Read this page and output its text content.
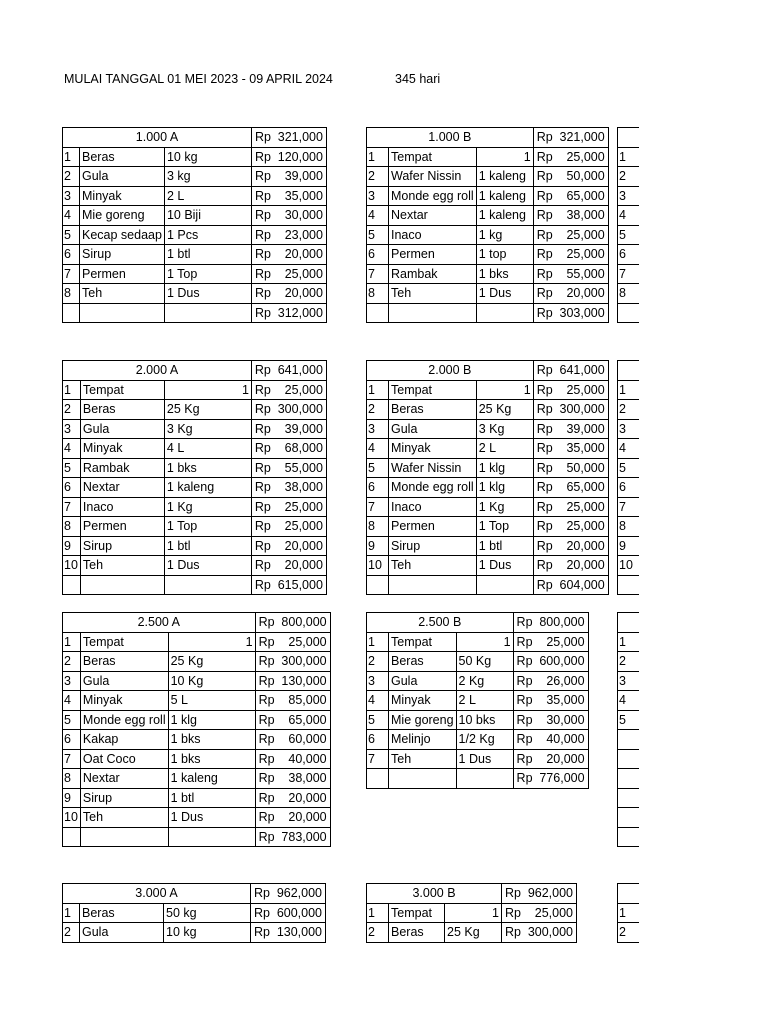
MULAI TANGGAL 01 MEI 2023 - 09 APRIL 2024	345 hari
1.000 A			Rp	321,000
1	Beras	10 kg	Rp	120,000
2	Gula	3 kg	Rp	39,000
3	Minyak	2 L	Rp	35,000
4	Mie goreng	10 Biji	Rp	30,000
5	Kecap sedaap	1 Pcs	Rp	23,000
6	Sirup	1 btl	Rp	20,000
7	Permen	1 Top	Rp	25,000
8	Teh	1 Dus	Rp	20,000
			Rp	312,000
1.000 B			Rp	321,000
1	Tempat	1	Rp	25,000
2	Wafer Nissin	1 kaleng	Rp	50,000
3	Monde egg roll	1 kaleng	Rp	65,000
4	Nextar	1 kaleng	Rp	38,000
5	Inaco	1 kg	Rp	25,000
6	Permen	1 top	Rp	25,000
7	Rambak	1 bks	Rp	55,000
8	Teh	1 Dus	Rp	20,000
			Rp	303,000

1
2
3
4
5
6
7
8

2.000 A			Rp	641,000
1	Tempat	1	Rp	25,000
2	Beras	25 Kg	Rp	300,000
3	Gula	3 Kg	Rp	39,000
4	Minyak	4 L	Rp	68,000
5	Rambak	1 bks	Rp	55,000
6	Nextar	1 kaleng	Rp	38,000
7	Inaco	1 Kg	Rp	25,000
8	Permen	1 Top	Rp	25,000
9	Sirup	1 btl	Rp	20,000
10	Teh	1 Dus	Rp	20,000
			Rp	615,000
2.000 B			Rp	641,000
1	Tempat	1	Rp	25,000
2	Beras	25 Kg	Rp	300,000
3	Gula	3 Kg	Rp	39,000
4	Minyak	2 L	Rp	35,000
5	Wafer Nissin	1 klg	Rp	50,000
6	Monde egg roll	1 klg	Rp	65,000
7	Inaco	1 Kg	Rp	25,000
8	Permen	1 Top	Rp	25,000
9	Sirup	1 btl	Rp	20,000
10	Teh	1 Dus	Rp	20,000
			Rp	604,000

1
2
3
4
5
6
7
8
9
10

2.500 A			Rp	800,000
1	Tempat	1	Rp	25,000
2	Beras	25 Kg	Rp	300,000
3	Gula	10 Kg	Rp	130,000
4	Minyak	5 L	Rp	85,000
5	Monde egg roll	1 klg	Rp	65,000
6	Kakap	1 bks	Rp	60,000
7	Oat Coco	1 bks	Rp	40,000
8	Nextar	1 kaleng	Rp	38,000
9	Sirup	1 btl	Rp	20,000
10	Teh	1 Dus	Rp	20,000
			Rp	783,000
2.500 B			Rp	800,000
1	Tempat	1	Rp	25,000
2	Beras	50 Kg	Rp	600,000
3	Gula	2 Kg	Rp	26,000
4	Minyak	2 L	Rp	35,000
5	Mie goreng	10 bks	Rp	30,000
6	Melinjo	1/2 Kg	Rp	40,000
7	Teh	1 Dus	Rp	20,000
			Rp	776,000

1
2
3
4
5

3.000 A			Rp	962,000
1	Beras	50 kg	Rp	600,000
2	Gula	10 kg	Rp	130,000
3.000 B			Rp	962,000
1	Tempat	1	Rp	25,000
2	Beras	25 Kg	Rp	300,000

1
2
